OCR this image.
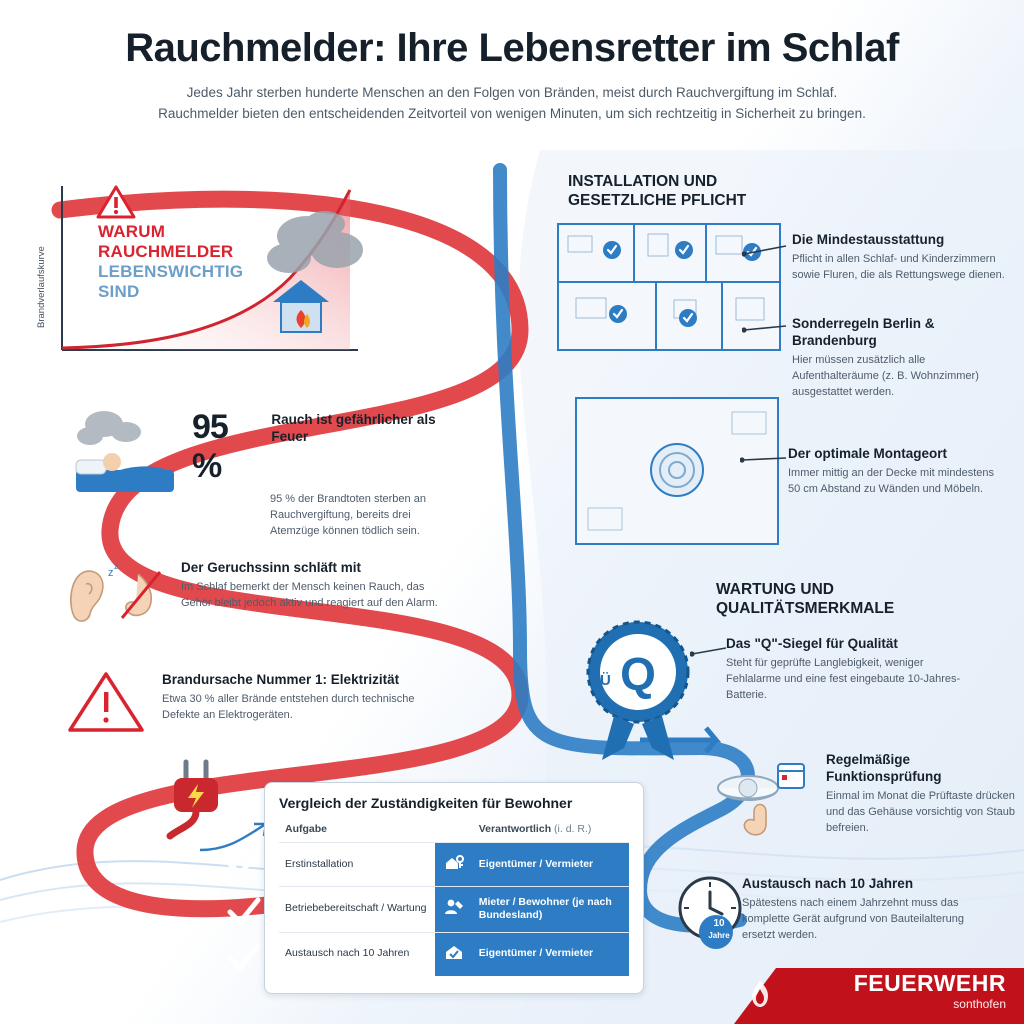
Rauchmelder: Ihre Lebensretter im Schlaf
Jedes Jahr sterben hunderte Menschen an den Folgen von Bränden, meist durch Rauchvergiftung im Schlaf.
Rauchmelder bieten den entscheidenden Zeitvorteil von wenigen Minuten, um sich rechtzeitig in Sicherheit zu bringen.
Brandverlaufskurve
WARUM
RAUCHMELDER
LEBENSWICHTIG
SIND
95 %
Rauch ist gefährlicher als Feuer
95 % der Brandtoten sterben an Rauchvergiftung, bereits drei Atemzüge können tödlich sein.
z
z	Der Geruchssinn schläft mit
Im Schlaf bemerkt der Mensch keinen Rauch, das Gehör bleibt jedoch aktiv und reagiert auf den Alarm.
Brandursache Nummer 1: Elektrizität
Etwa 30 % aller Brände entstehen durch technische Defekte an Elektrogeräten.
Vergleich der Zuständigkeiten für Bewohner
Aufgabe		Verantwortlich (i. d. R.)
Erstinstallation		Eigentümer / Vermieter
Betriebebereitschaft / Wartung		Mieter / Bewohner (je nach Bundesland)
Austausch nach 10 Jahren		Eigentümer / Vermieter
INSTALLATION UND
GESETZLICHE PFLICHT
Die Mindestausstattung
Pflicht in allen Schlaf- und Kinderzimmern sowie Fluren, die als Rettungswege dienen.
Sonderregeln Berlin & Brandenburg
Hier müssen zusätzlich alle Aufenthalteräume (z. B. Wohnzimmer) ausgestattet werden.
Der optimale Montageort
Immer mittig an der Decke mit mindestens 50 cm Abstand zu Wänden und Möbeln.
WARTUNG UND
QUALITÄTSMERKMALE
Q
Ü
Das "Q"-Siegel für Qualität
Steht für geprüfte Langlebigkeit, weniger Fehlalarme und eine fest eingebaute 10-Jahres-Batterie.
Regelmäßige Funktionsprüfung
Einmal im Monat die Prüftaste drücken und das Gehäuse vorsichtig von Staub befreien.
10
Jahre
Austausch nach 10 Jahren
Spätestens nach einem Jahrzehnt muss das komplette Gerät aufgrund von Bauteilalterung ersetzt werden.
FEUERWEHR
sonthofen
